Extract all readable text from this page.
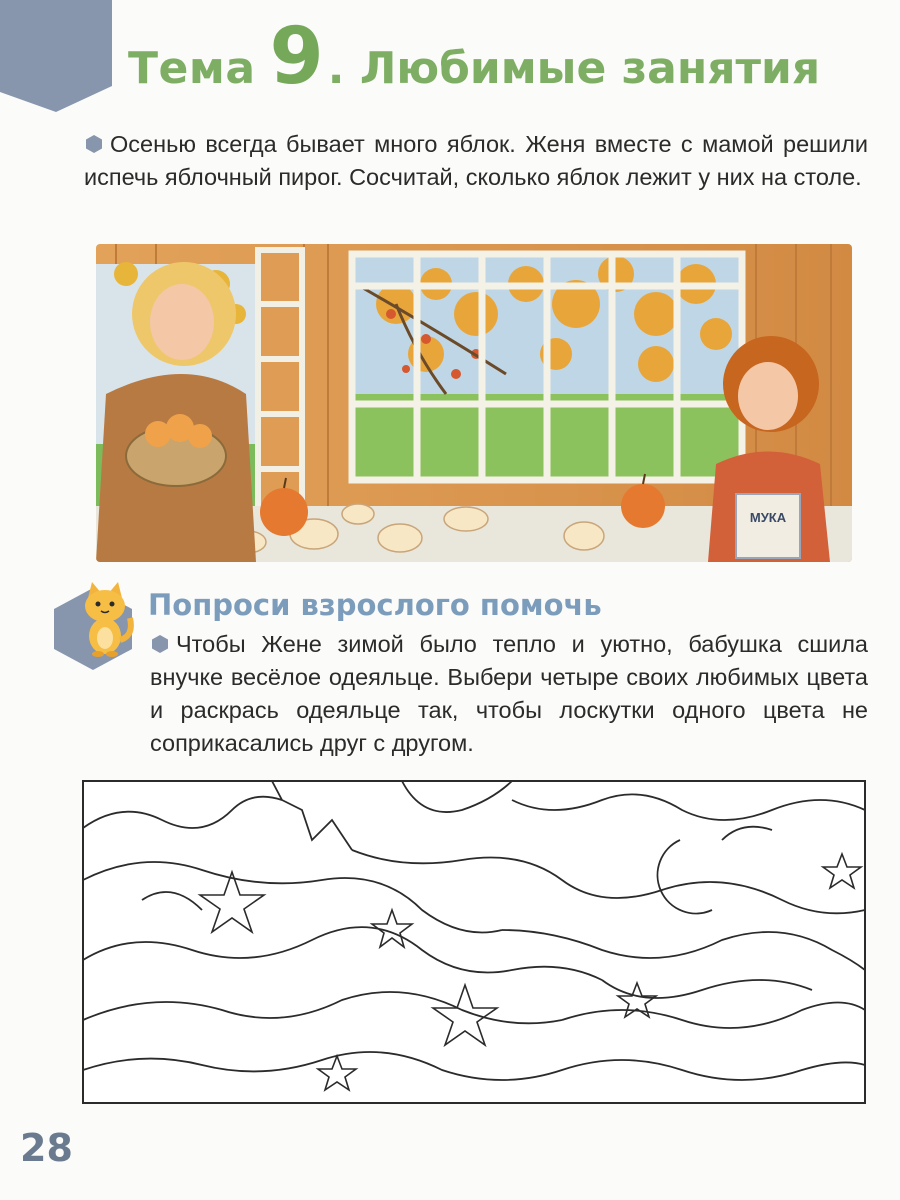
Тема 9 . Любимые занятия
Осенью всегда бывает много яблок. Женя вместе с мамой решили испечь яблочный пирог. Сосчитай, сколько яблок лежит у них на столе.
МУКА
Попроси взрослого помочь
Чтобы Жене зимой было тепло и уютно, бабушка сшила внучке весёлое одеяльце. Выбери четыре своих любимых цвета и раскрась одеяльце так, чтобы лоскутки одного цвета не соприкасались друг с другом.
28
